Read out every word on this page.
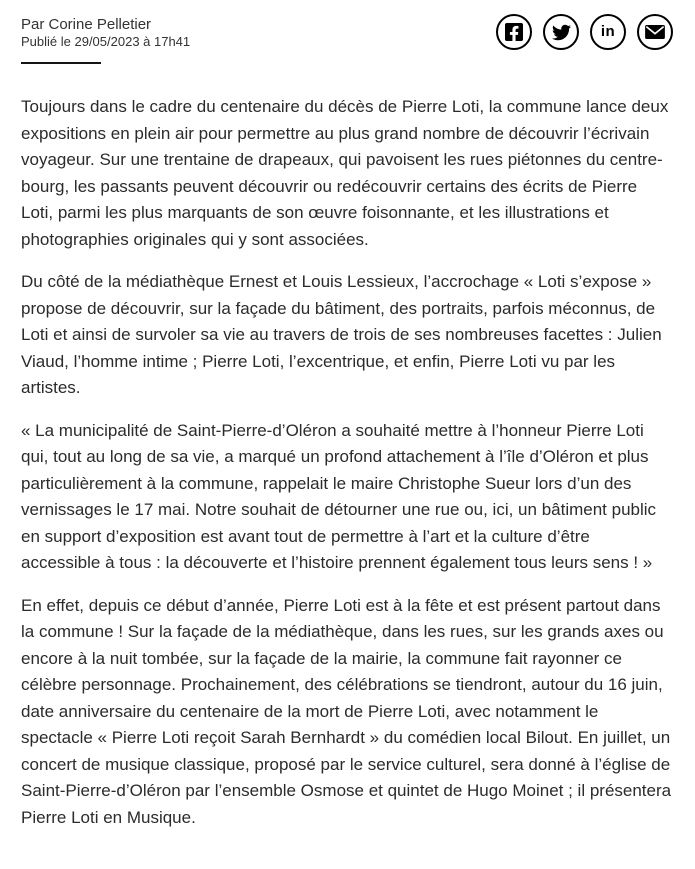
Par Corine Pelletier
Publié le 29/05/2023 à 17h41
in

Toujours dans le cadre du centenaire du décès de Pierre Loti, la commune lance deux expositions en plein air pour permettre au plus grand nombre de découvrir l’écrivain voyageur. Sur une trentaine de drapeaux, qui pavoisent les rues piétonnes du centre-bourg, les passants peuvent découvrir ou redécouvrir certains des écrits de Pierre Loti, parmi les plus marquants de son œuvre foisonnante, et les illustrations et photographies originales qui y sont associées.

Du côté de la médiathèque Ernest et Louis Lessieux, l’accrochage « Loti s’expose » propose de découvrir, sur la façade du bâtiment, des portraits, parfois méconnus, de Loti et ainsi de survoler sa vie au travers de trois de ses nombreuses facettes : Julien Viaud, l’homme intime ; Pierre Loti, l’excentrique, et enfin, Pierre Loti vu par les artistes.

« La municipalité de Saint-Pierre-d’Oléron a souhaité mettre à l’honneur Pierre Loti qui, tout au long de sa vie, a marqué un profond attachement à l’île d’Oléron et plus particulièrement à la commune, rappelait le maire Christophe Sueur lors d’un des vernissages le 17 mai. Notre souhait de détourner une rue ou, ici, un bâtiment public en support d’exposition est avant tout de permettre à l’art et la culture d’être accessible à tous : la découverte et l’histoire prennent également tous leurs sens ! »

En effet, depuis ce début d’année, Pierre Loti est à la fête et est présent partout dans la commune ! Sur la façade de la médiathèque, dans les rues, sur les grands axes ou encore à la nuit tombée, sur la façade de la mairie, la commune fait rayonner ce célèbre personnage. Prochainement, des célébrations se tiendront, autour du 16 juin, date anniversaire du centenaire de la mort de Pierre Loti, avec notamment le spectacle « Pierre Loti reçoit Sarah Bernhardt » du comédien local Bilout. En juillet, un concert de musique classique, proposé par le service culturel, sera donné à l’église de Saint-Pierre-d’Oléron par l’ensemble Osmose et quintet de Hugo Moinet ; il présentera Pierre Loti en Musique.
